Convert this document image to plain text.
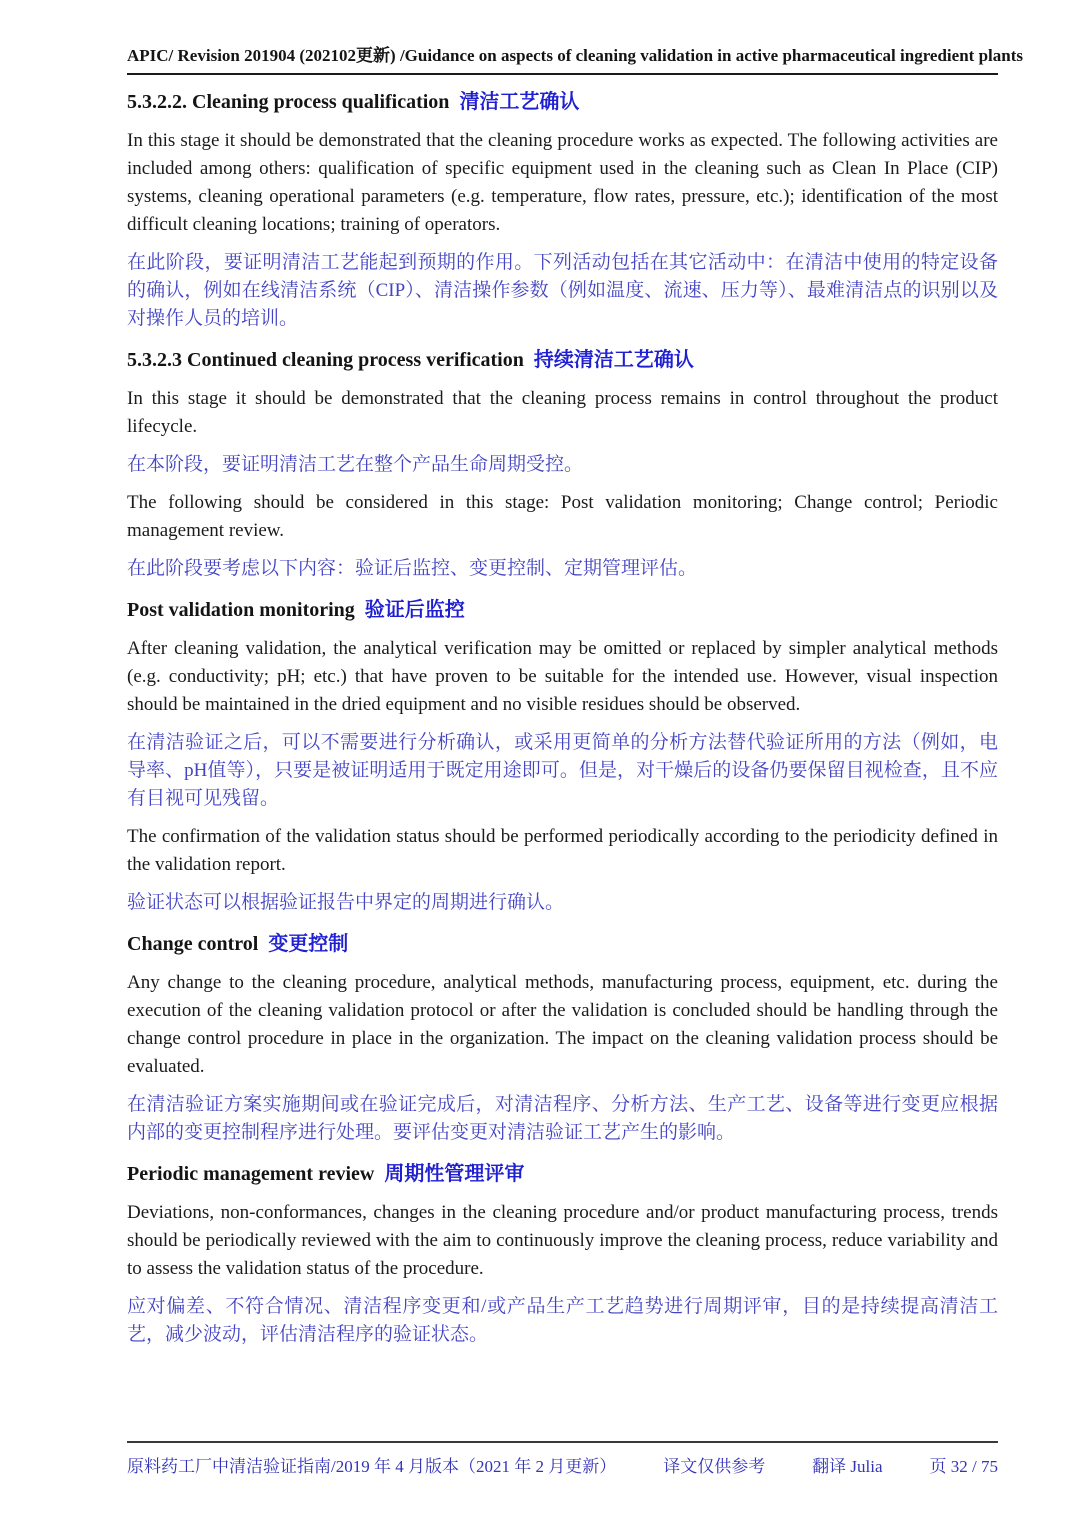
APIC/ Revision 201904 (202102更新) /Guidance on aspects of cleaning validation in active pharmaceutical ingredient plants
5.3.2.2. Cleaning process qualification 清洁工艺确认

In this stage it should be demonstrated that the cleaning procedure works as expected. The following activities are included among others: qualification of specific equipment used in the cleaning such as Clean In Place (CIP) systems, cleaning operational parameters (e.g. temperature, flow rates, pressure, etc.); identification of the most difficult cleaning locations; training of operators.

在此阶段，要证明清洁工艺能起到预期的作用。下列活动包括在其它活动中：在清洁中使用的特定设备的确认，例如在线清洁系统（CIP）、清洁操作参数（例如温度、流速、压力等）、最难清洁点的识别以及对操作人员的培训。

5.3.2.3 Continued cleaning process verification 持续清洁工艺确认

In this stage it should be demonstrated that the cleaning process remains in control throughout the product lifecycle.

在本阶段，要证明清洁工艺在整个产品生命周期受控。

The following should be considered in this stage: Post validation monitoring; Change control; Periodic management review.

在此阶段要考虑以下内容：验证后监控、变更控制、定期管理评估。

Post validation monitoring 验证后监控

After cleaning validation, the analytical verification may be omitted or replaced by simpler analytical methods (e.g. conductivity; pH; etc.) that have proven to be suitable for the intended use. However, visual inspection should be maintained in the dried equipment and no visible residues should be observed.

在清洁验证之后，可以不需要进行分析确认，或采用更简单的分析方法替代验证所用的方法（例如，电导率、pH值等），只要是被证明适用于既定用途即可。但是，对干燥后的设备仍要保留目视检查，且不应有目视可见残留。

The confirmation of the validation status should be performed periodically according to the periodicity defined in the validation report.

验证状态可以根据验证报告中界定的周期进行确认。

Change control 变更控制

Any change to the cleaning procedure, analytical methods, manufacturing process, equipment, etc. during the execution of the cleaning validation protocol or after the validation is concluded should be handling through the change control procedure in place in the organization. The impact on the cleaning validation process should be evaluated.

在清洁验证方案实施期间或在验证完成后，对清洁程序、分析方法、生产工艺、设备等进行变更应根据内部的变更控制程序进行处理。要评估变更对清洁验证工艺产生的影响。

Periodic management review 周期性管理评审

Deviations, non-conformances, changes in the cleaning procedure and/or product manufacturing process, trends should be periodically reviewed with the aim to continuously improve the cleaning process, reduce variability and to assess the validation status of the procedure.

应对偏差、不符合情况、清洁程序变更和/或产品生产工艺趋势进行周期评审，目的是持续提高清洁工艺，减少波动，评估清洁程序的验证状态。

原料药工厂中清洁验证指南/2019 年 4 月版本（2021 年 2 月更新）	译文仅供参考	翻译 Julia	页 32 / 75
